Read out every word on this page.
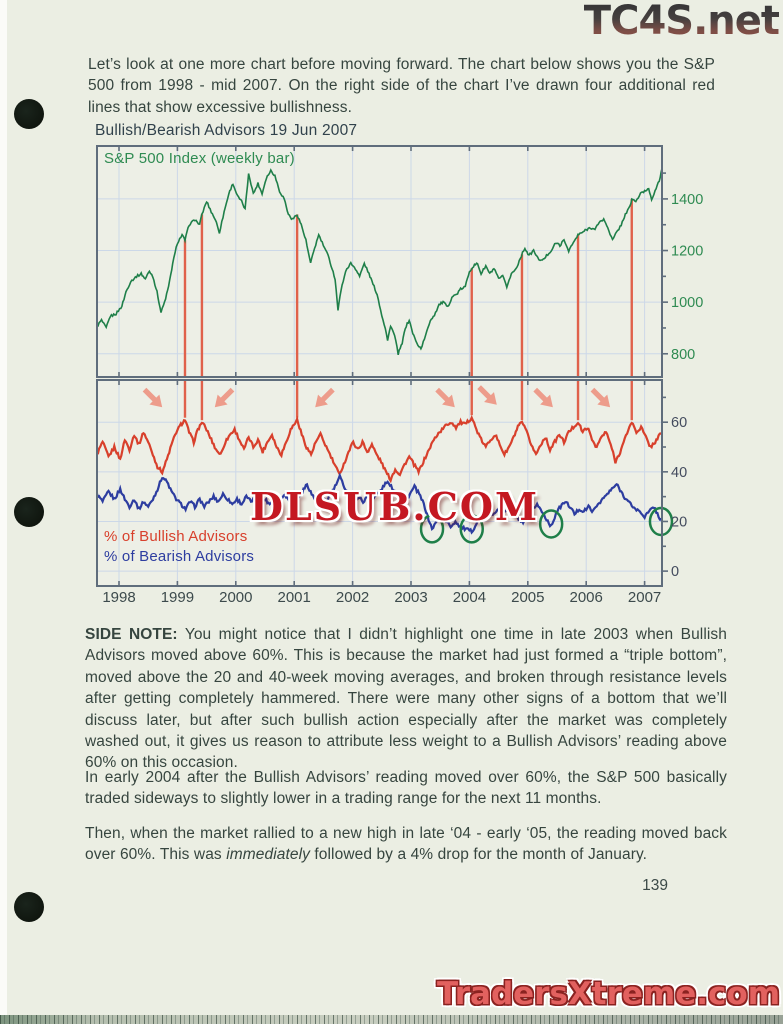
TC4S.net
Let’s look at one more chart before moving forward. The chart below shows you the S&P 500 from 1998 - mid 2007. On the right side of the chart I’ve drawn four additional red lines that show excessive bullishness.
Bullish/Bearish Advisors 19 Jun 2007
800
1000
1200
1400
0
20
40
60
1998 1999 2000 2001 2002 2003 2004 2005 2006 2007
S&P 500 Index (weekly bar)
% of Bullish Advisors
% of Bearish Advisors
DLSUB.COM
SIDE NOTE: You might notice that I didn’t highlight one time in late 2003 when Bullish Advisors moved above 60%. This is because the market had just formed a “triple bottom”, moved above the 20 and 40-week moving averages, and broken through resistance levels after getting completely hammered. There were many other signs of a bottom that we’ll discuss later, but after such bullish action especially after the market was completely washed out, it gives us reason to attribute less weight to a Bullish Advisors’ reading above 60% on this occasion.
In early 2004 after the Bullish Advisors’ reading moved over 60%, the S&P 500 basically traded sideways to slightly lower in a trading range for the next 11 months.
Then, when the market rallied to a new high in late ‘04 - early ‘05, the reading moved back over 60%. This was immediately followed by a 4% drop for the month of January.
139
TradersXtreme.com
